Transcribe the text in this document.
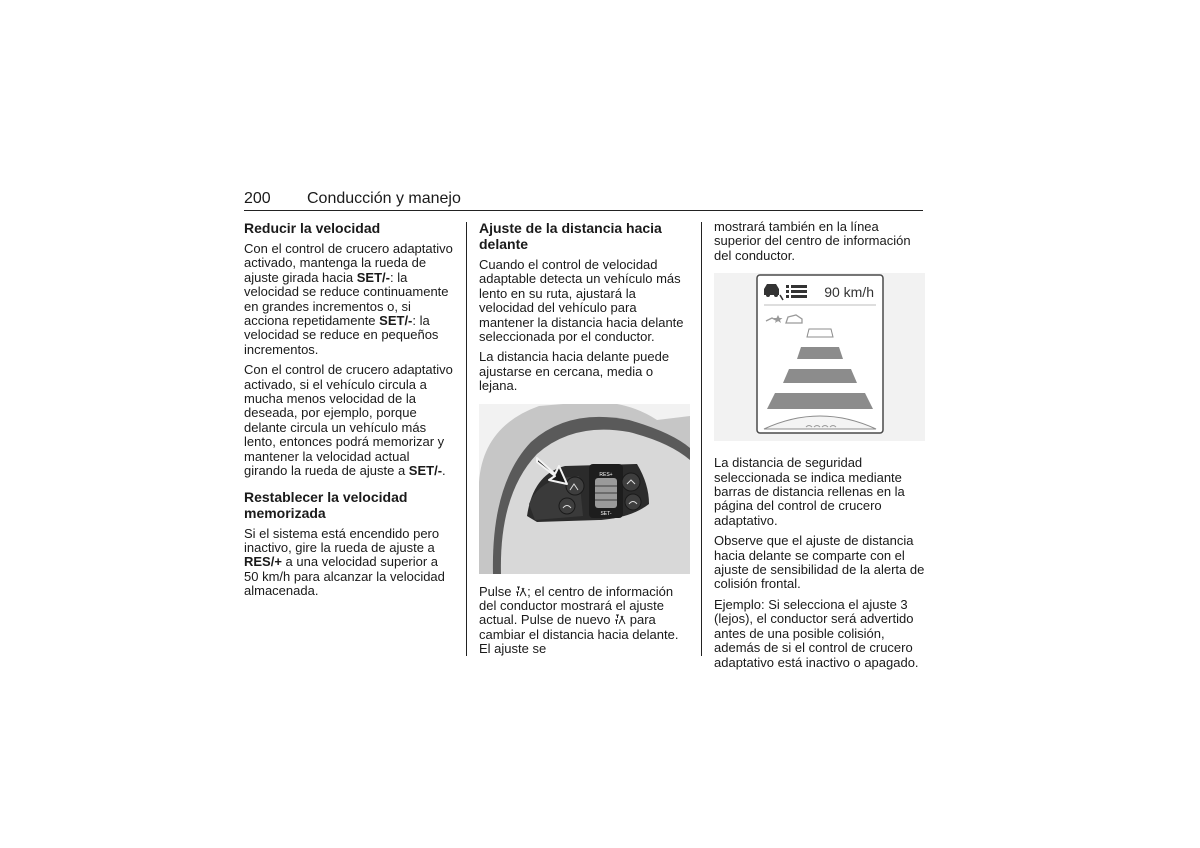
200 Conducción y manejo
Reducir la velocidad

Con el control de crucero adaptativo activado, mantenga la rueda de ajuste girada hacia SET/-: la velocidad se reduce continuamente en grandes incrementos o, si acciona repetidamente SET/-: la velocidad se reduce en pequeños incrementos.

Con el control de crucero adaptativo activado, si el vehículo circula a mucha menos velocidad de la deseada, por ejemplo, porque delante circula un vehículo más lento, entonces podrá memorizar y mantener la velocidad actual girando la rueda de ajuste a SET/-.

Restablecer la velocidad memorizada

Si el sistema está encendido pero inactivo, gire la rueda de ajuste a RES/+ a una velocidad superior a 50 km/h para alcanzar la velocidad almacenada.

Ajuste de la distancia hacia delante

Cuando el control de velocidad adaptable detecta un vehículo más lento en su ruta, ajustará la velocidad del vehículo para mantener la distancia hacia delante seleccionada por el conductor.

La distancia hacia delante puede ajustarse en cercana, media o lejana.

RES+
SET-

Pulse ; el centro de información del conductor mostrará el ajuste actual. Pulse de nuevo  para cambiar el distancia hacia delante. El ajuste se

mostrará también en la línea superior del centro de información del conductor.

90 km/h

La distancia de seguridad seleccionada se indica mediante barras de distancia rellenas en la página del control de crucero adaptativo.

Observe que el ajuste de distancia hacia delante se comparte con el ajuste de sensibilidad de la alerta de colisión frontal.

Ejemplo: Si selecciona el ajuste 3 (lejos), el conductor será advertido antes de una posible colisión, además de si el control de crucero adaptativo está inactivo o apagado.
